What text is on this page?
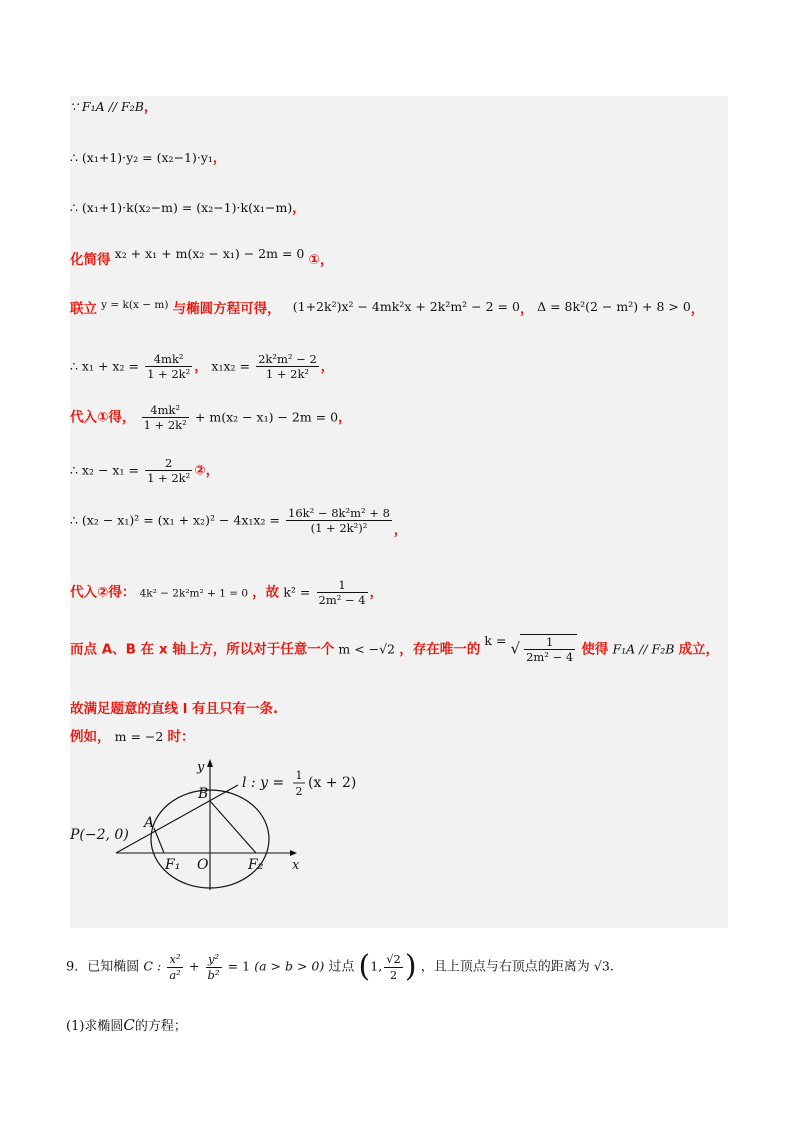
∵ F₁A // F₂B，
∴ (x₁+1)·y₂ = (x₂−1)·y₁，
∴ (x₁+1)·k(x₂−m) = (x₂−1)·k(x₁−m)，
化简得 x₂ + x₁ + m(x₂ − x₁) − 2m = 0 ①，
联立 $^{y = k(x - m)}$ 与椭圆方程可得， (1+2k²)x² − 4mk²x + 2k²m² − 2 = 0， Δ = 8k²(2 − m²) + 8 > 0，
∴ $x_1 + x_2 = \frac{\text{4mk²}}{\text{1 + 2k²}}$ ， $x_1x_2 = \frac{\text{2k²m² − 2}}{\text{1 + 2k²}}$ ，
代入①得， $\frac{\text{4mk²}}{\text{1 + 2k²}} + m(x_2 - x_1) - 2m = 0$，
∴ $x_2 - x_1 = \frac{2}{\text{1 + 2k²}}$ ②，
∴ $(x_2 - x_1)^2 = (x_1 + x_2)^2 - 4x_1x_2 = \frac{\text{16k² − 8k²m² + 8}}{\text{(1 + 2k²)²}}$ ，
代入②得： 4k² − 2k²m² + 1 = 0 ，故 $k^2 = \frac{1}{\text{2m² − 4}}$ ，
而点 A、B 在 x 轴上方，所以对于任意一个 m < −√2 ，存在唯一的 k = √ $\frac{1}{\text{2m² − 4}}$ 使得 F₁A // F₂B 成立，
故满足题意的直线 l 有且只有一条.
例如， m = −2 时：
y
x
P(−2, 0)
A
B
O
F₁	F₂
l : y = 1
2
(x + 2)
9．已知椭圆 C : $\frac{\text{x²}}{\text{a²}} + \frac{\text{y²}}{\text{b²}} = 1$ (a > b > 0) 过点 (1, $\frac{√2}{2}$ ) ，且上顶点与右顶点的距离为 √3.
(1)求椭圆C的方程；
